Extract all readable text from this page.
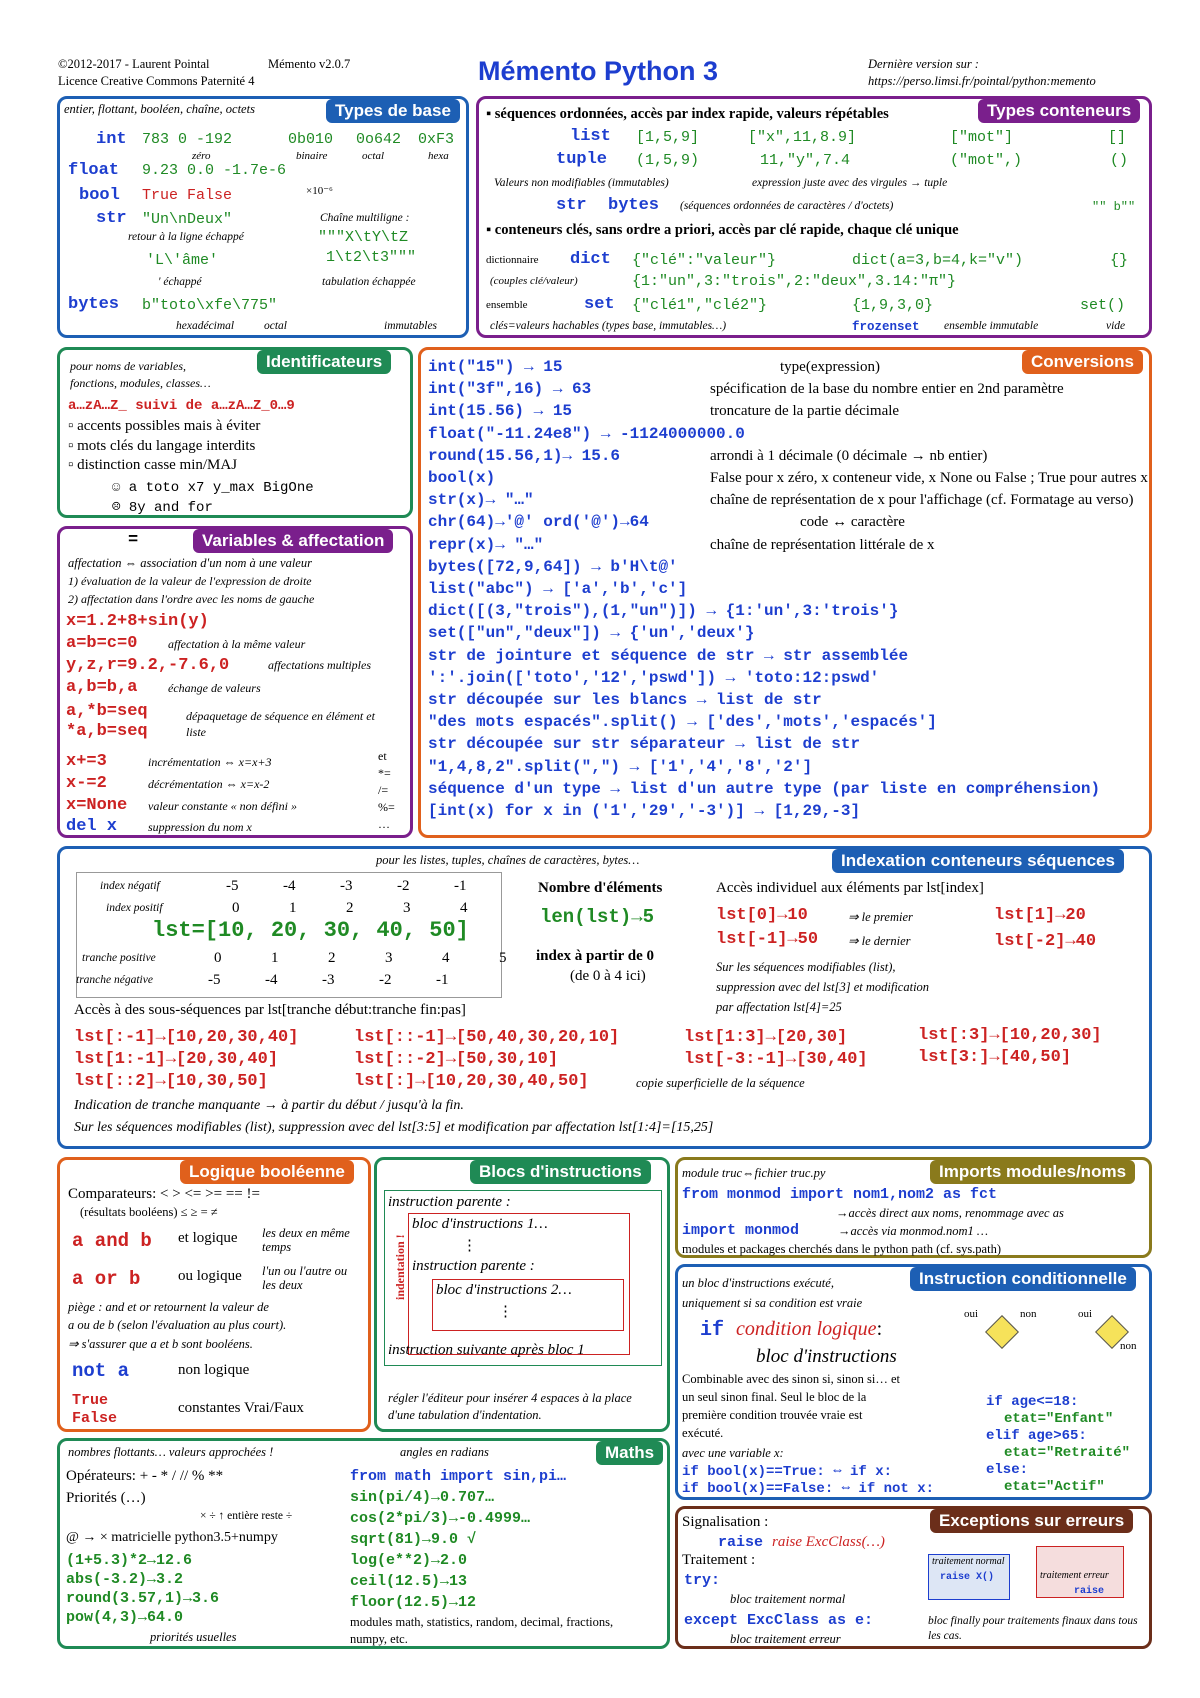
©2012-2017 - Laurent Pointal	Mémento v2.0.7
Licence Creative Commons Paternité 4	Mémento Python 3	Dernière version sur :
https://perso.limsi.fr/pointal/python:memento
Types de base
entier, flottant, booléen, chaîne, octets
int 783 0 -192	0b010 0o642 0xF3
zéro	binaire	octal	hexa
float 9.23 0.0 -1.7e-6
×10⁻⁶
bool True False
str "Un\nDeux"
retour à la ligne échappé
'L\'âme'
' échappé
Chaîne multiligne :
"""X\tY\tZ
1\t2\t3"""
tabulation échappée
bytes b"toto\xfe\775"
hexadécimal	octal	immutables
Types conteneurs
▪ séquences ordonnées, accès par index rapide, valeurs répétables
list [1,5,9]	["x",11,8.9]	["mot"]	[]
tuple (1,5,9)	11,"y",7.4	("mot",)	()
Valeurs non modifiables (immutables)	expression juste avec des virgules → tuple
str bytes (séquences ordonnées de caractères / d'octets)	"" b""
▪ conteneurs clés, sans ordre a priori, accès par clé rapide, chaque clé unique
dictionnaire
(couples clé/valeur)
dict {"clé":"valeur"}	dict(a=3,b=4,k="v")	{}
{1:"un",3:"trois",2:"deux",3.14:"π"}
ensemble	set {"clé1","clé2"}	{1,9,3,0}	set()
clés=valeurs hachables (types base, immutables…)	frozenset ensemble immutable	vide
Identificateurs
pour noms de variables,
fonctions, modules, classes…
a…zA…Z_ suivi de a…zA…Z_0…9
▫ accents possibles mais à éviter
▫ mots clés du langage interdits
▫ distinction casse min/MAJ
☺ a toto x7 y_max BigOne
☹ 8y and for
Variables & affectation
=
affectation ⇔ association d'un nom à une valeur
1) évaluation de la valeur de l'expression de droite
2) affectation dans l'ordre avec les noms de gauche
x=1.2+8+sin(y)
a=b=c=0	affectation à la même valeur
y,z,r=9.2,-7.6,0	affectations multiples
a,b=b,a	échange de valeurs
a,*b=seq
*a,b=seq
dépaquetage de séquence en élément et liste
x+=3	incrémentation ⇔ x=x+3
x-=2	décrémentation ⇔ x=x-2
x=None valeur constante « non défini »
del x	suppression du nom x
et *= /= %= …
Conversions
int("15") → 15	type(expression)
int("3f",16) → 63	spécification de la base du nombre entier en 2nd paramètre
int(15.56) → 15	troncature de la partie décimale
float("-11.24e8") → -1124000000.0
round(15.56,1)→ 15.6	arrondi à 1 décimale (0 décimale → nb entier)
bool(x)	False pour x zéro, x conteneur vide, x None ou False ; True pour autres x
str(x)→ "…"	chaîne de représentation de x pour l'affichage (cf. Formatage au verso)
chr(64)→'@' ord('@')→64	code ↔ caractère
repr(x)→ "…"	chaîne de représentation littérale de x
bytes([72,9,64]) → b'H\t@'
list("abc") → ['a','b','c']
dict([(3,"trois"),(1,"un")]) → {1:'un',3:'trois'}
set(["un","deux"]) → {'un','deux'}
str de jointure et séquence de str → str assemblée
':'.join(['toto','12','pswd']) → 'toto:12:pswd'
str découpée sur les blancs → list de str
"des mots espacés".split() → ['des','mots','espacés']
str découpée sur str séparateur → list de str
"1,4,8,2".split(",") → ['1','4','8','2']
séquence d'un type → list d'un autre type (par liste en compréhension)
[int(x) for x in ('1','29','-3')] → [1,29,-3]
Indexation conteneurs séquences
pour les listes, tuples, chaînes de caractères, bytes…
index négatif
index positif
-5	-4	-3	-2	-1
0	1	2	3	4
lst=[10, 20, 30, 40, 50]
tranche positive
tranche négative
0	1	2	3	4	5
-5	-4	-3	-2	-1
Nombre d'éléments
len(lst)→5
index à partir de 0
(de 0 à 4 ici)
Accès individuel aux éléments par lst[index]
lst[0]→10	⇒ le premier	lst[1]→20
lst[-1]→50 ⇒ le dernier	lst[-2]→40
Sur les séquences modifiables (list),
suppression avec del lst[3] et modification
par affectation lst[4]=25
Accès à des sous-séquences par lst[tranche début:tranche fin:pas]
lst[:-1]→[10,20,30,40]	lst[::-1]→[50,40,30,20,10]	lst[1:3]→[20,30]	lst[:3]→[10,20,30]
lst[1:-1]→[20,30,40]	lst[::-2]→[50,30,10]	lst[-3:-1]→[30,40]	lst[3:]→[40,50]
lst[::2]→[10,30,50]	lst[:]→[10,20,30,40,50]	copie superficielle de la séquence
Indication de tranche manquante → à partir du début / jusqu'à la fin.
Sur les séquences modifiables (list), suppression avec del lst[3:5] et modification par affectation lst[1:4]=[15,25]
Logique booléenne
Comparateurs: < > <= >= == !=
(résultats booléens) ≤ ≥ = ≠
a and b et logique les deux en même temps
a or b	ou logique l'un ou l'autre ou les deux
piège : and et or retournent la valeur de
a ou de b (selon l'évaluation au plus court).
⇒ s'assurer que a et b sont booléens.
not a	non logique
True
False
constantes Vrai/Faux
Blocs d'instructions
instruction parente :
bloc d'instructions 1…
⋮
instruction parente :
bloc d'instructions 2…
⋮
indentation !
instruction suivante après bloc 1
régler l'éditeur pour insérer 4 espaces à la place d'une tabulation d'indentation.
Imports modules/noms
module truc⇔fichier truc.py
from monmod import nom1,nom2 as fct
→accès direct aux noms, renommage avec as
import monmod	→accès via monmod.nom1 …
modules et packages cherchés dans le python path (cf. sys.path)
Instruction conditionnelle
un bloc d'instructions exécuté,
uniquement si sa condition est vraie
if condition logique:
bloc d'instructions
oui	non	oui
non
Combinable avec des sinon si, sinon si… et
un seul sinon final. Seul le bloc de la
première condition trouvée vraie est
exécuté.
avec une variable x:
if bool(x)==True: ⇔ if x:
if bool(x)==False: ⇔ if not x:
if age<=18:
etat="Enfant"
elif age>65:
etat="Retraité"
else:
etat="Actif"
Maths
nombres flottants… valeurs approchées !	angles en radians
Opérateurs: + - * / // % **
Priorités (…)
× ÷ ↑ entière reste ÷
@ → × matricielle python3.5+numpy
(1+5.3)*2→12.6
abs(-3.2)→3.2
round(3.57,1)→3.6
pow(4,3)→64.0
priorités usuelles
from math import sin,pi…
sin(pi/4)→0.707…
cos(2*pi/3)→-0.4999…
sqrt(81)→9.0 √
log(e**2)→2.0
ceil(12.5)→13
floor(12.5)→12
modules math, statistics, random, decimal, fractions, numpy, etc.
Exceptions sur erreurs
Signalisation :
raise raise ExcClass(…)
Traitement :
try:
bloc traitement normal
except ExcClass as e:
bloc traitement erreur
traitement normal
raise X()	traitement erreur
raise
bloc finally pour traitements finaux dans tous les cas.
